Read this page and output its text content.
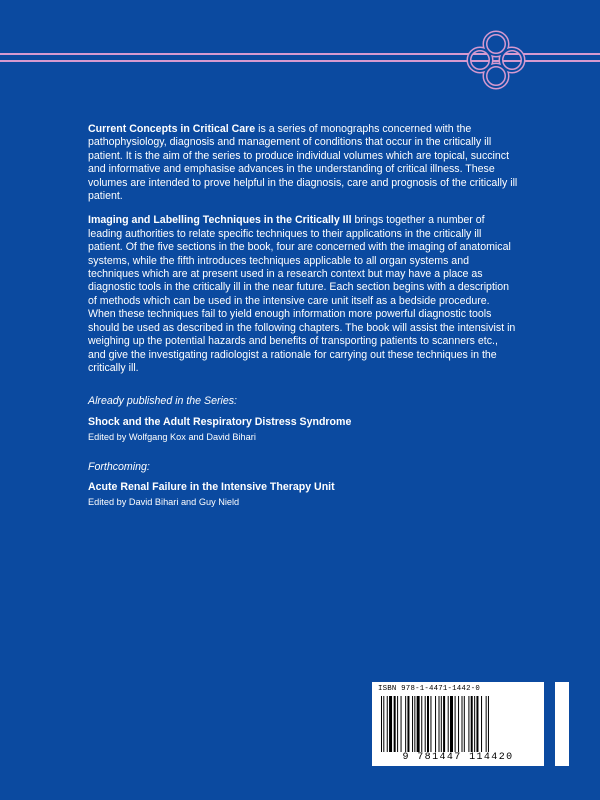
Current Concepts in Critical Care is a series of monographs concerned with the pathophysiology, diagnosis and management of conditions that occur in the critically ill patient. It is the aim of the series to produce individual volumes which are topical, succinct and informative and emphasise advances in the understanding of critical illness. These volumes are intended to prove helpful in the diagnosis, care and prognosis of the critically ill patient.

Imaging and Labelling Techniques in the Critically Ill brings together a number of leading authorities to relate specific techniques to their applications in the critically ill patient. Of the five sections in the book, four are concerned with the imaging of anatomical systems, while the fifth introduces techniques applicable to all organ systems and techniques which are at present used in a research context but may have a place as diagnostic tools in the critically ill in the near future. Each section begins with a description of methods which can be used in the intensive care unit itself as a bedside procedure. When these techniques fail to yield enough information more powerful diagnostic tools should be used as described in the following chapters. The book will assist the intensivist in weighing up the potential hazards and benefits of transporting patients to scanners etc., and give the investigating radiologist a rationale for carrying out these techniques in the critically ill.

Already published in the Series:
Shock and the Adult Respiratory Distress Syndrome
Edited by Wolfgang Kox and David Bihari
Forthcoming:
Acute Renal Failure in the Intensive Therapy Unit
Edited by David Bihari and Guy Nield
ISBN 978-1-4471-1442-0
9 781447 114420
